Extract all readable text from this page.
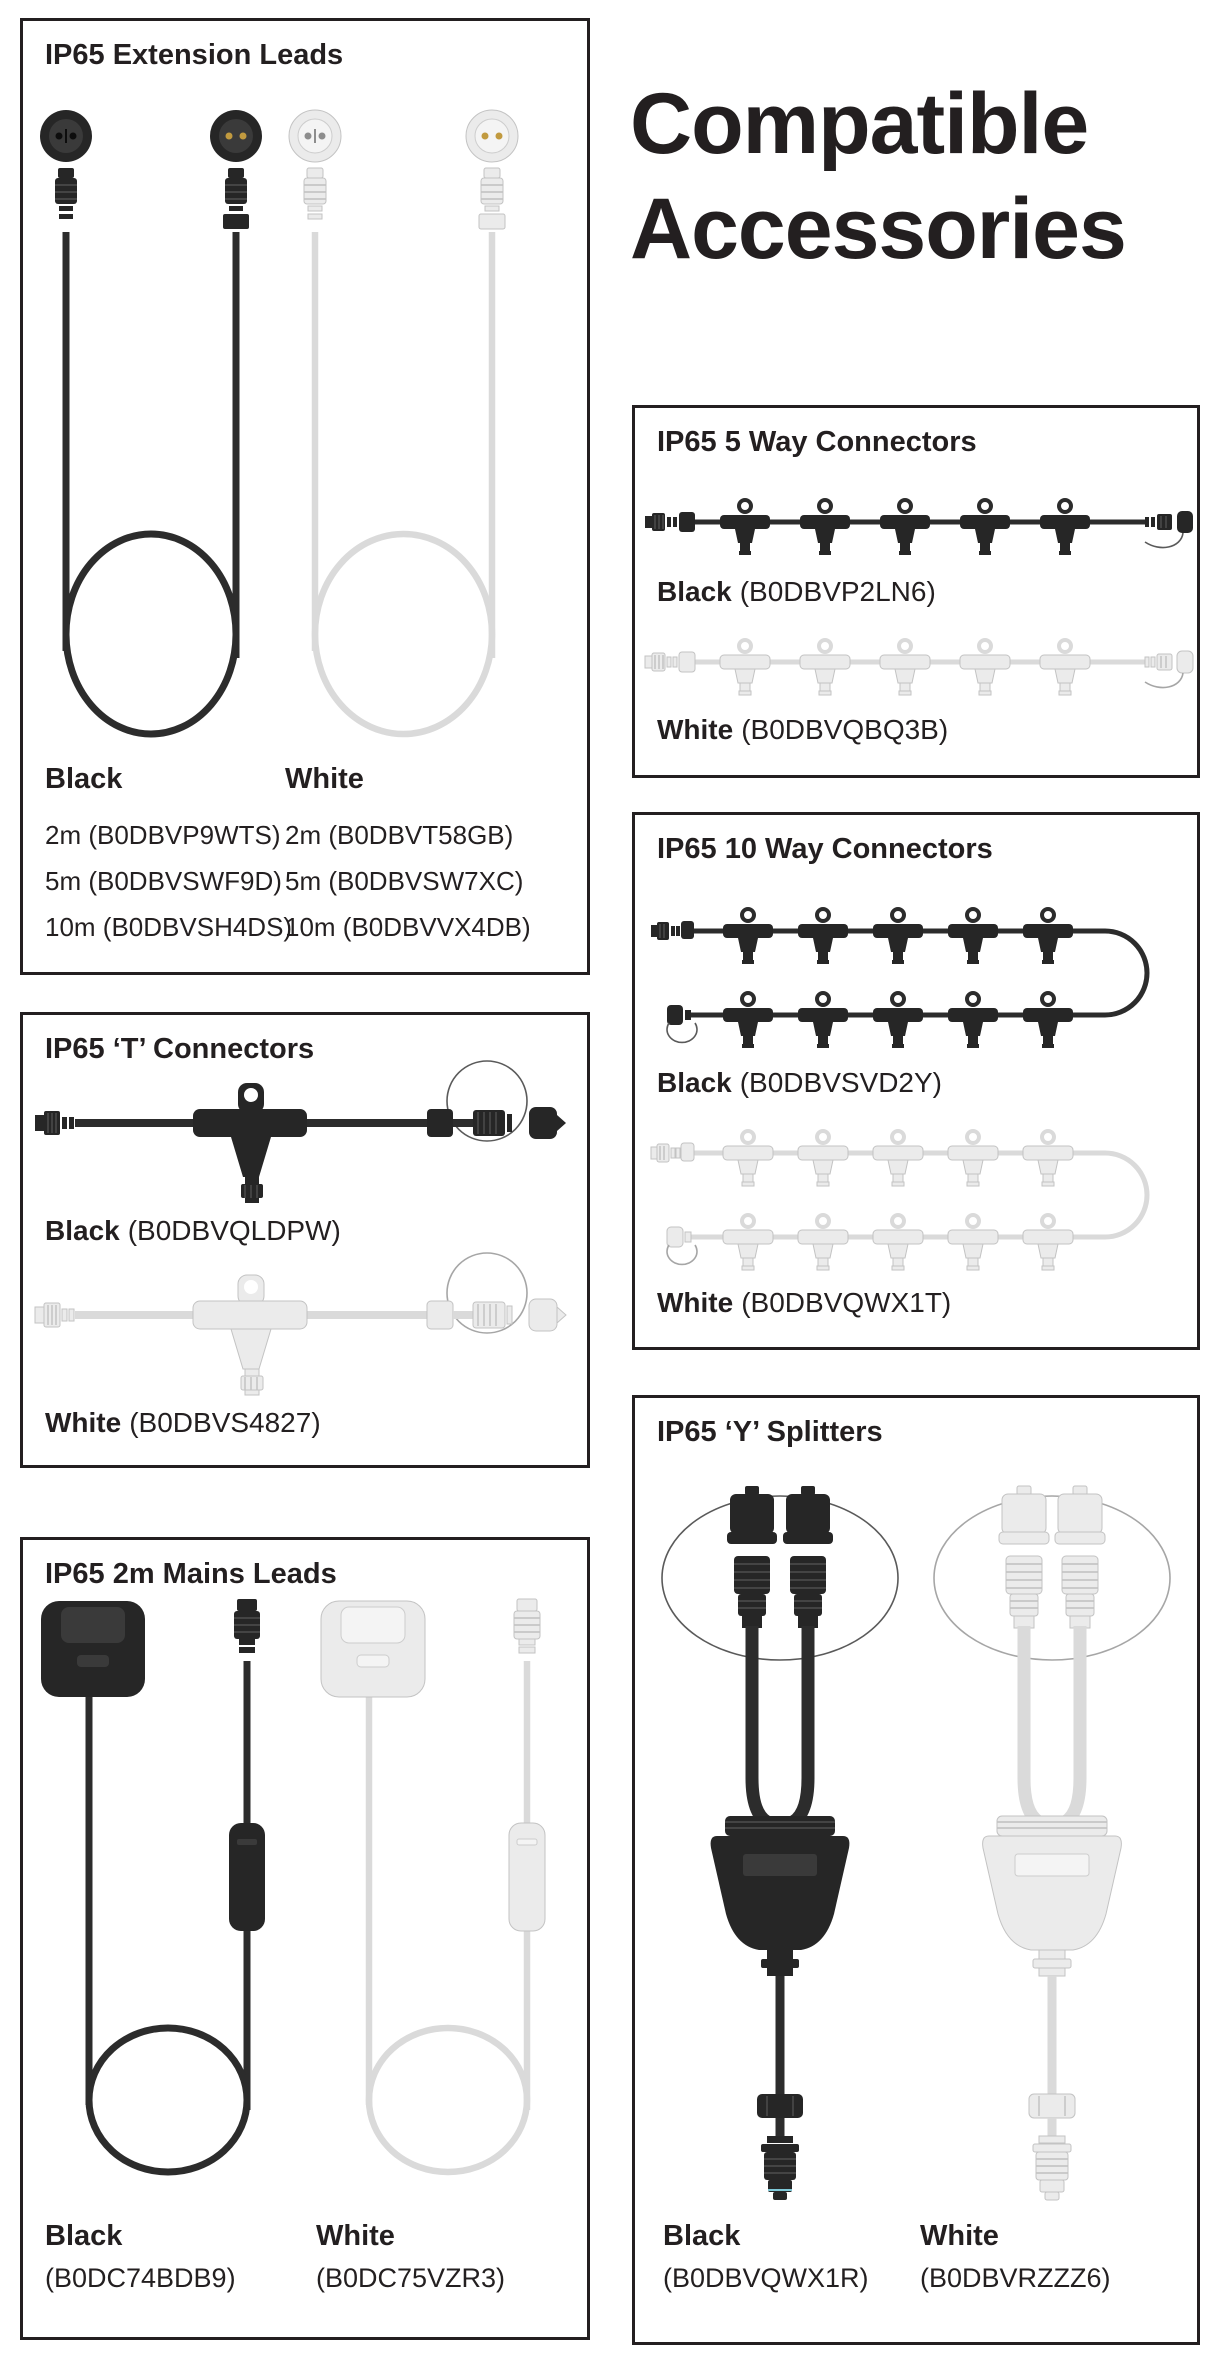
Compatible
Accessories
IP65 Extension Leads
Black
2m (B0DBVP9WTS)
5m (B0DBVSWF9D)
10m (B0DBVSH4DS)
White
2m (B0DBVT58GB)
5m (B0DBVSW7XC)
10m (B0DBVVX4DB)
IP65 ‘T’ Connectors
Black (B0DBVQLDPW)
White (B0DBVS4827)
IP65 2m Mains Leads
Black
(B0DC74BDB9)
White
(B0DC75VZR3)
IP65 5 Way Connectors
Black (B0DBVP2LN6)
White (B0DBVQBQ3B)
IP65 10 Way Connectors
Black (B0DBVSVD2Y)
White (B0DBVQWX1T)
IP65 ‘Y’ Splitters
Black
(B0DBVQWX1R)
White
(B0DBVRZZZ6)
